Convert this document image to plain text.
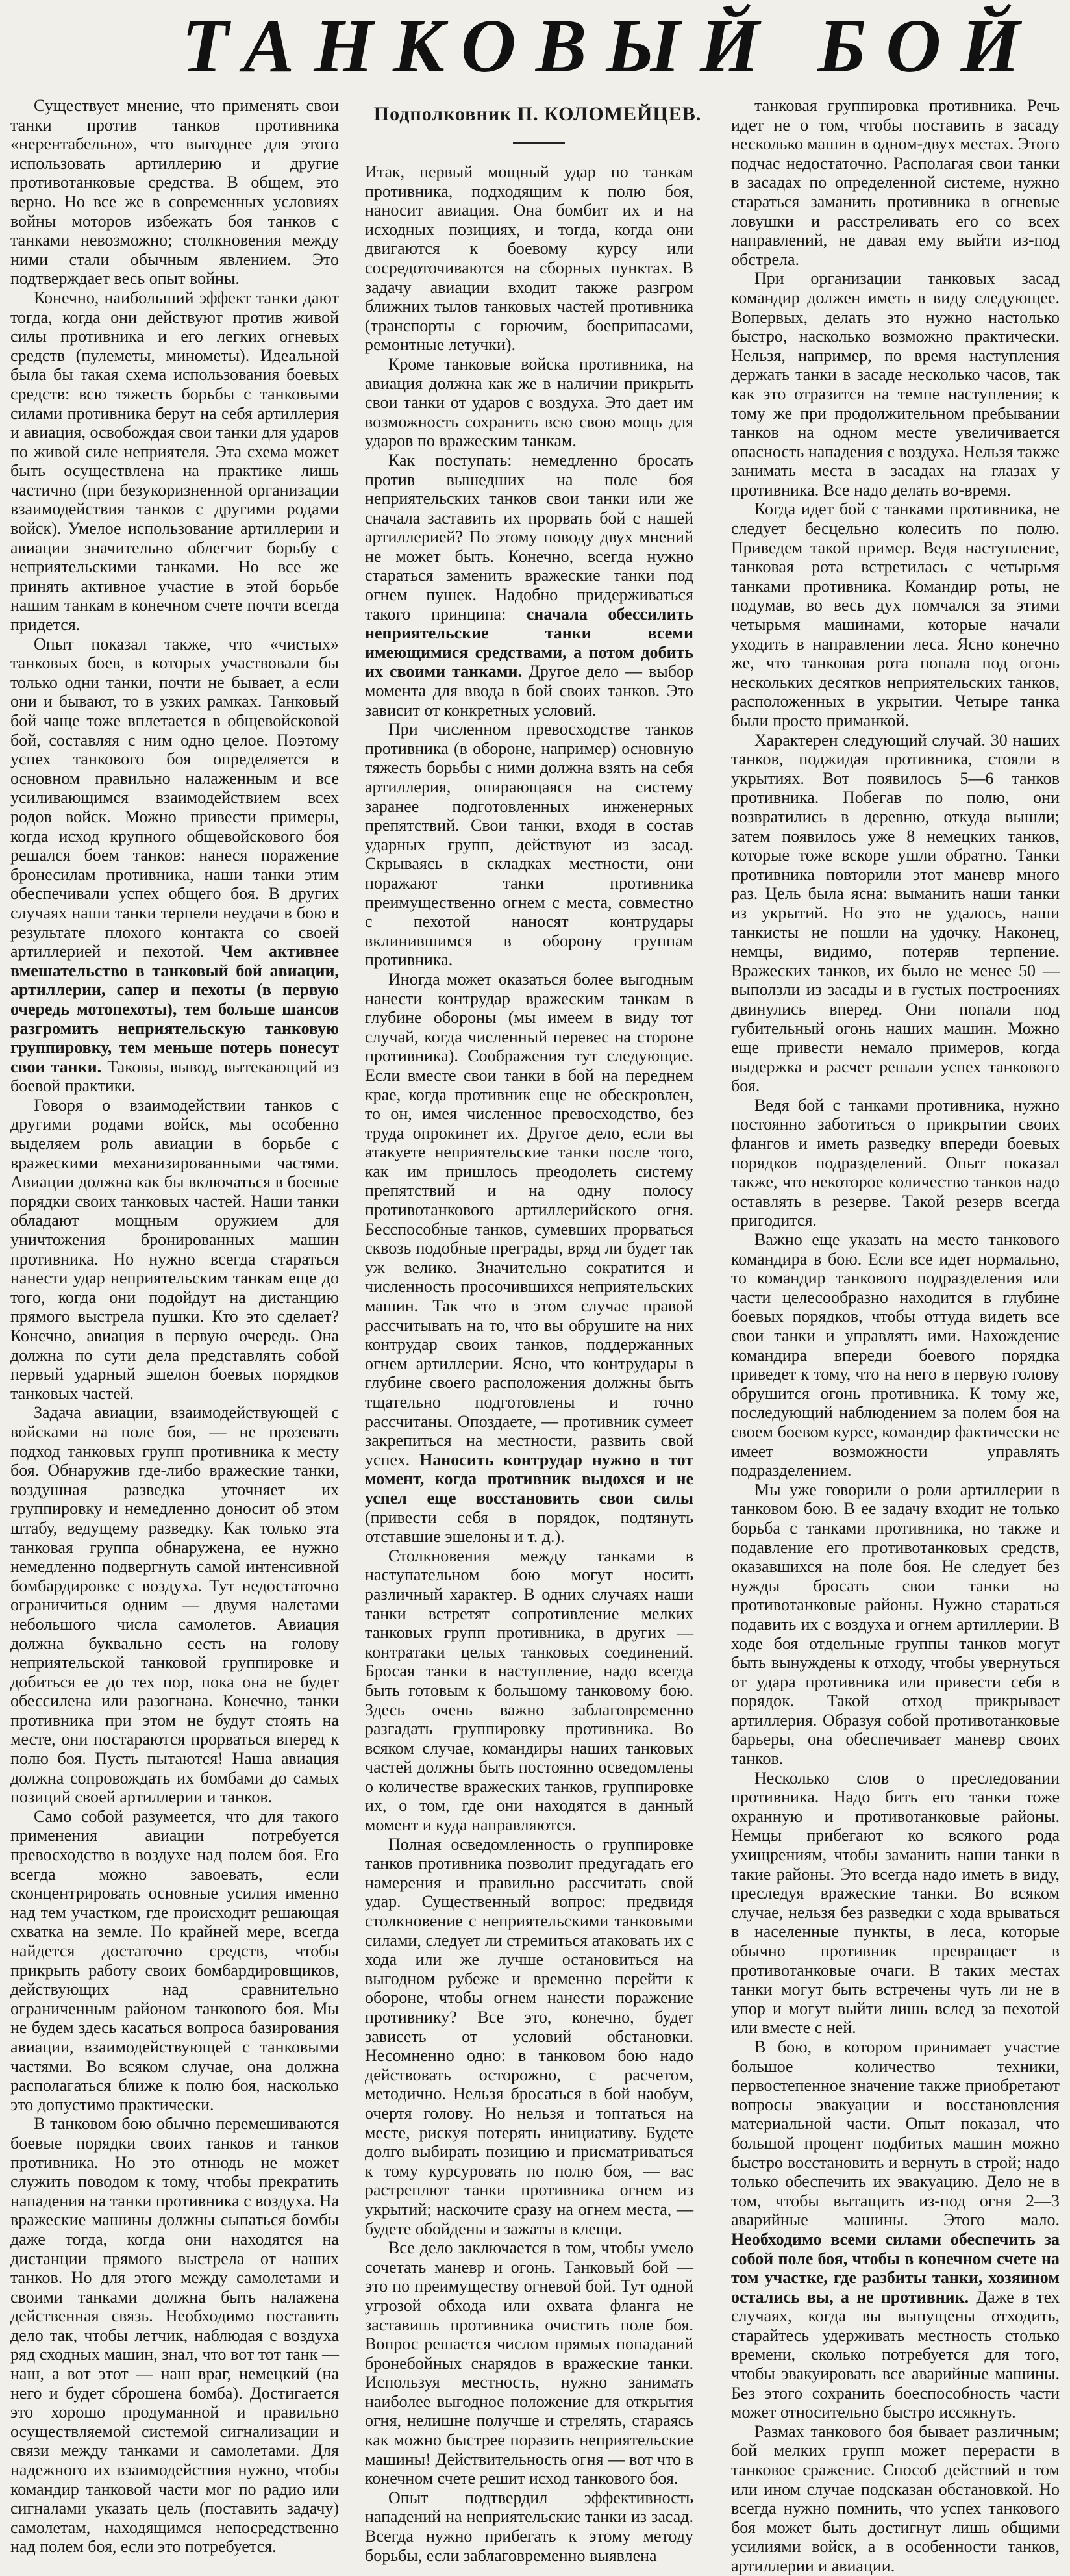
ТАНКОВЫЙ БОЙ
Подполковник П. КОЛОМЕЙЦЕВ.

Существует мнение, что применять свои танки против танков противника «нерентабельно», что выгоднее для этого использовать артиллерию и другие противотанковые средства. В общем, это верно. Но все же в современных условиях войны моторов избежать боя танков с танками невозможно; столкновения между ними стали обычным явлением. Это подтверждает весь опыт войны.

Конечно, наибольший эффект танки дают тогда, когда они действуют против живой силы противника и его легких огневых средств (пулеметы, минометы). Идеальной была бы такая схема использования боевых средств: всю тяжесть борьбы с танковыми силами противника берут на себя артиллерия и авиация, освобождая свои танки для ударов по живой силе неприятеля. Эта схема может быть осуществлена на практике лишь частично (при безукоризненной организации взаимодействия танков с другими родами войск). Умелое использование артиллерии и авиации значительно облегчит борьбу с неприятельскими танками. Но все же принять активное участие в этой борьбе нашим танкам в конечном счете почти всегда придется.

Опыт показал также, что «чистых» танковых боев, в которых участвовали бы только одни танки, почти не бывает, а если они и бывают, то в узких рамках. Танковый бой чаще тоже вплетается в общевойсковой бой, составляя с ним одно целое. Поэтому успех танкового боя определяется в основном правильно налаженным и все усиливающимся взаимодействием всех родов войск. Можно привести примеры, когда исход крупного общевойскового боя решался боем танков: нанеся поражение бронесилам противника, наши танки этим обеспечивали успех общего боя. В других случаях наши танки терпели неудачи в бою в результате плохого контакта со своей артиллерией и пехотой. Чем активнее вмешательство в танковый бой авиации, артиллерии, сапер и пехоты (в первую очередь мотопехоты), тем больше шансов разгромить неприятельскую танковую группировку, тем меньше потерь понесут свои танки. Таковы, вывод, вытекающий из боевой практики.

Говоря о взаимодействии танков с другими родами войск, мы особенно выделяем роль авиации в борьбе с вражескими механизированными частями. Авиации должна как бы включаться в боевые порядки своих танковых частей. Наши танки обладают мощным оружием для уничтожения бронированных машин противника. Но нужно всегда стараться нанести удар неприятельским танкам еще до того, когда они подойдут на дистанцию прямого выстрела пушки. Кто это сделает? Конечно, авиация в первую очередь. Она должна по сути дела представлять собой первый ударный эшелон боевых порядков танковых частей.

Задача авиации, взаимодействующей с войсками на поле боя, — не прозевать подход танковых групп противника к месту боя. Обнаружив где-либо вражеские танки, воздушная разведка уточняет их группировку и немедленно доносит об этом штабу, ведущему разведку. Как только эта танковая группа обнаружена, ее нужно немедленно подвергнуть самой интенсивной бомбардировке с воздуха. Тут недостаточно ограничиться одним — двумя налетами небольшого числа самолетов. Авиация должна буквально сесть на голову неприятельской танковой группировке и добиться ее до тех пор, пока она не будет обессилена или разогнана. Конечно, танки противника при этом не будут стоять на месте, они постараются прорваться вперед к полю боя. Пусть пытаются! Наша авиация должна сопровождать их бомбами до самых позиций своей артиллерии и танков.

Само собой разумеется, что для такого применения авиации потребуется превосходство в воздухе над полем боя. Его всегда можно завоевать, если сконцентрировать основные усилия именно над тем участком, где происходит решающая схватка на земле. По крайней мере, всегда найдется достаточно средств, чтобы прикрыть работу своих бомбардировщиков, действующих над сравнительно ограниченным районом танкового боя. Мы не будем здесь касаться вопроса базирования авиации, взаимодействующей с танковыми частями. Во всяком случае, она должна располагаться ближе к полю боя, насколько это допустимо практически.

В танковом бою обычно перемешиваются боевые порядки своих танков и танков противника. Но это отнюдь не может служить поводом к тому, чтобы прекратить нападения на танки противника с воздуха. На вражеские машины должны сыпаться бомбы даже тогда, когда они находятся на дистанции прямого выстрела от наших танков. Но для этого между самолетами и своими танками должна быть налажена действенная связь. Необходимо поставить дело так, чтобы летчик, наблюдая с воздуха ряд сходных машин, знал, что вот тот танк — наш, а вот этот — наш враг, немецкий (на него и будет сброшена бомба). Достигается это хорошо продуманной и правильно осуществляемой системой сигнализации и связи между танками и самолетами. Для надежного их взаимодействия нужно, чтобы командир танковой части мог по радио или сигналами указать цель (поставить задачу) самолетам, находящимся непосредственно над полем боя, если это потребуется.

Итак, первый мощный удар по танкам противника, подходящим к полю боя, наносит авиация. Она бомбит их и на исходных позициях, и тогда, когда они двигаются к боевому курсу или сосредоточиваются на сборных пунктах. В задачу авиации входит также разгром ближних тылов танковых частей противника (транспорты с горючим, боеприпасами, ремонтные летучки).

Кроме танковые войска противника, на авиация должна как же в наличии прикрыть свои танки от ударов с воздуха. Это дает им возможность сохранить всю свою мощь для ударов по вражеским танкам.

Как поступать: немедленно бросать против вышедших на поле боя неприятельских танков свои танки или же сначала заставить их прорвать бой с нашей артиллерией? По этому поводу двух мнений не может быть. Конечно, всегда нужно стараться заменить вражеские танки под огнем пушек. Надобно придерживаться такого принципа: сначала обессилить неприятельские танки всеми имеющимися средствами, а потом добить их своими танками. Другое дело — выбор момента для ввода в бой своих танков. Это зависит от конкретных условий.

При численном превосходстве танков противника (в обороне, например) основную тяжесть борьбы с ними должна взять на себя артиллерия, опирающаяся на систему заранее подготовленных инженерных препятствий. Свои танки, входя в состав ударных групп, действуют из засад. Скрываясь в складках местности, они поражают танки противника преимущественно огнем с места, совместно с пехотой наносят контрудары вклинившимся в оборону группам противника.

Иногда может оказаться более выгодным нанести контрудар вражеским танкам в глубине обороны (мы имеем в виду тот случай, когда численный перевес на стороне противника). Соображения тут следующие. Если вместе свои танки в бой на переднем крае, когда противник еще не обескровлен, то он, имея численное превосходство, без труда опрокинет их. Другое дело, если вы атакуете неприятельские танки после того, как им пришлось преодолеть систему препятствий и на одну полосу противотанкового артиллерийского огня. Бесспособные танков, сумевших прорваться сквозь подобные преграды, вряд ли будет так уж велико. Значительно сократится и численность просочившихся неприятельских машин. Так что в этом случае правой рассчитывать на то, что вы обрушите на них контрудар своих танков, поддержанных огнем артиллерии. Ясно, что контрудары в глубине своего расположения должны быть тщательно подготовлены и точно рассчитаны. Опоздаете, — противник сумеет закрепиться на местности, развить свой успех. Наносить контрудар нужно в тот момент, когда противник выдохся и не успел еще восстановить свои силы (привести себя в порядок, подтянуть отставшие эшелоны и т. д.).

Столкновения между танками в наступательном бою могут носить различный характер. В одних случаях наши танки встретят сопротивление мелких танковых групп противника, в других — контратаки целых танковых соединений. Бросая танки в наступление, надо всегда быть готовым к большому танковому бою. Здесь очень важно заблаговременно разгадать группировку противника. Во всяком случае, командиры наших танковых частей должны быть постоянно осведомлены о количестве вражеских танков, группировке их, о том, где они находятся в данный момент и куда направляются.

Полная осведомленность о группировке танков противника позволит предугадать его намерения и правильно рассчитать свой удар. Существенный вопрос: предвидя столкновение с неприятельскими танковыми силами, следует ли стремиться атаковать их с хода или же лучше остановиться на выгодном рубеже и временно перейти к обороне, чтобы огнем нанести поражение противнику? Все это, конечно, будет зависеть от условий обстановки. Несомненно одно: в танковом бою надо действовать осторожно, с расчетом, методично. Нельзя бросаться в бой наобум, очертя голову. Но нельзя и топтаться на месте, рискуя потерять инициативу. Будете долго выбирать позицию и присматриваться к тому курсуровать по полю боя, — вас растреплют танки противника огнем из укрытий; наскочите сразу на огнем места, — будете обойдены и зажаты в клещи.

Все дело заключается в том, чтобы умело сочетать маневр и огонь. Танковый бой — это по преимуществу огневой бой. Тут одной угрозой обхода или охвата фланга не заставишь противника очистить поле боя. Вопрос решается числом прямых попаданий бронебойных снарядов в вражеские танки. Используя местность, нужно занимать наиболее выгодное положение для открытия огня, нелишне получше и стрелять, стараясь как можно быстрее поразить неприятельские машины! Действительность огня — вот что в конечном счете решит исход танкового боя.

Опыт подтвердил эффективность нападений на неприятельские танки из засад. Всегда нужно прибегать к этому методу борьбы, если заблаговременно выявлена

танковая группировка противника. Речь идет не о том, чтобы поставить в засаду несколько машин в одном-двух местах. Этого подчас недостаточно. Располагая свои танки в засадах по определенной системе, нужно стараться заманить противника в огневые ловушки и расстреливать его со всех направлений, не давая ему выйти из-под обстрела.

При организации танковых засад командир должен иметь в виду следующее. Вопервых, делать это нужно настолько быстро, насколько возможно практически. Нельзя, например, по время наступления держать танки в засаде несколько часов, так как это отразится на темпе наступления; к тому же при продолжительном пребывании танков на одном месте увеличивается опасность нападения с воздуха. Нельзя также занимать места в засадах на глазах у противника. Все надо делать во-время.

Когда идет бой с танками противника, не следует бесцельно колесить по полю. Приведем такой пример. Ведя наступление, танковая рота встретилась с четырьмя танками противника. Командир роты, не подумав, во весь дух помчался за этими четырьмя машинами, которые начали уходить в направлении леса. Ясно конечно же, что танковая рота попала под огонь нескольких десятков неприятельских танков, расположенных в укрытии. Четыре танка были просто приманкой.

Характерен следующий случай. 30 наших танков, поджидая противника, стояли в укрытиях. Вот появилось 5—6 танков противника. Побегав по полю, они возвратились в деревню, откуда вышли; затем появилось уже 8 немецких танков, которые тоже вскоре ушли обратно. Танки противника повторили этот маневр много раз. Цель была ясна: выманить наши танки из укрытий. Но это не удалось, наши танкисты не пошли на удочку. Наконец, немцы, видимо, потеряв терпение. Вражеских танков, их было не менее 50 — выползли из засады и в густых построениях двинулись вперед. Они попали под губительный огонь наших машин. Можно еще привести немало примеров, когда выдержка и расчет решали успех танкового боя.

Ведя бой с танками противника, нужно постоянно заботиться о прикрытии своих флангов и иметь разведку впереди боевых порядков подразделений. Опыт показал также, что некоторое количество танков надо оставлять в резерве. Такой резерв всегда пригодится.

Важно еще указать на место танкового командира в бою. Если все идет нормально, то командир танкового подразделения или части целесообразно находится в глубине боевых порядков, чтобы оттуда видеть все свои танки и управлять ими. Нахождение командира впереди боевого порядка приведет к тому, что на него в первую голову обрушится огонь противника. К тому же, последующий наблюдением за полем боя на своем боевом курсе, командир фактически не имеет возможности управлять подразделением.

Мы уже говорили о роли артиллерии в танковом бою. В ее задачу входит не только борьба с танками противника, но также и подавление его противотанковых средств, оказавшихся на поле боя. Не следует без нужды бросать свои танки на противотанковые районы. Нужно стараться подавить их с воздуха и огнем артиллерии. В ходе боя отдельные группы танков могут быть вынуждены к отходу, чтобы увернуться от удара противника или привести себя в порядок. Такой отход прикрывает артиллерия. Образуя собой противотанковые барьеры, она обеспечивает маневр своих танков.

Несколько слов о преследовании противника. Надо бить его танки тоже охранную и противотанковые районы. Немцы прибегают ко всякого рода ухищрениям, чтобы заманить наши танки в такие районы. Это всегда надо иметь в виду, преследуя вражеские танки. Во всяком случае, нельзя без разведки с хода врываться в населенные пункты, в леса, которые обычно противник превращает в противотанковые очаги. В таких местах танки могут быть встречены чуть ли не в упор и могут выйти лишь вслед за пехотой или вместе с ней.

В бою, в котором принимает участие большое количество техники, первостепенное значение также приобретают вопросы эвакуации и восстановления материальной части. Опыт показал, что большой процент подбитых машин можно быстро восстановить и вернуть в строй; надо только обеспечить их эвакуацию. Дело не в том, чтобы вытащить из-под огня 2—3 аварийные машины. Этого мало. Необходимо всеми силами обеспечить за собой поле боя, чтобы в конечном счете на том участке, где разбиты танки, хозяином остались вы, а не противник. Даже в тех случаях, когда вы выпущены отходить, старайтесь удерживать местность столько времени, сколько потребуется для того, чтобы эвакуировать все аварийные машины. Без этого сохранить боеспособность части может относительно быстро иссякнуть.

Размах танкового боя бывает различным; бой мелких групп может перерасти в танковое сражение. Способ действий в том или ином случае подсказан обстановкой. Но всегда нужно помнить, что успех танкового боя может быть достигнут лишь общими усилиями войск, а в особенности танков, артиллерии и авиации.
